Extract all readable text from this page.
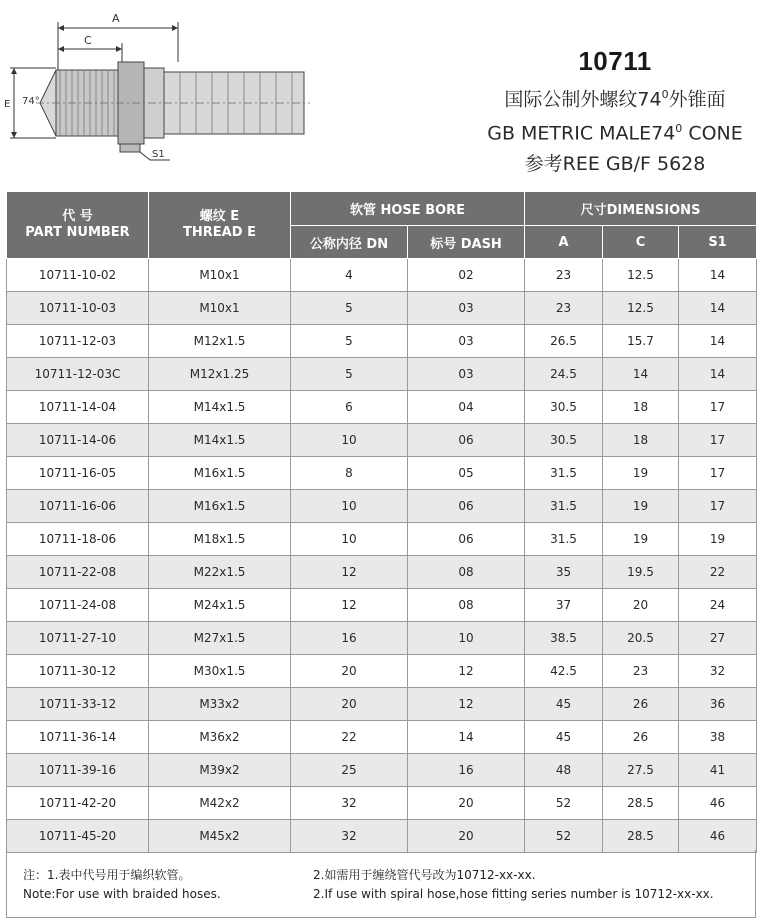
A
C
E 74°
S1
10711
国际公制外螺纹$74^0$外锥面
GB METRIC $MALE74^0$ CONE
参考REE GB/F 5628
代 号
PART NUMBER	螺纹 E
THREAD E	软管 HOSE BORE		尺寸DIMENSIONS		
		公称内径 DN	标号 DASH	A	C	S1
10711-10-02	M10x1	4	02	23	12.5	14
10711-10-03	M10x1	5	03	23	12.5	14
10711-12-03	M12x1.5	5	03	26.5	15.7	14
10711-12-03C	M12x1.25	5	03	24.5	14	14
10711-14-04	M14x1.5	6	04	30.5	18	17
10711-14-06	M14x1.5	10	06	30.5	18	17
10711-16-05	M16x1.5	8	05	31.5	19	17
10711-16-06	M16x1.5	10	06	31.5	19	17
10711-18-06	M18x1.5	10	06	31.5	19	19
10711-22-08	M22x1.5	12	08	35	19.5	22
10711-24-08	M24x1.5	12	08	37	20	24
10711-27-10	M27x1.5	16	10	38.5	20.5	27
10711-30-12	M30x1.5	20	12	42.5	23	32
10711-33-12	M33x2	20	12	45	26	36
10711-36-14	M36x2	22	14	45	26	38
10711-39-16	M39x2	25	16	48	27.5	41
10711-42-20	M42x2	32	20	52	28.5	46
10711-45-20	M45x2	32	20	52	28.5	46
注：1.表中代号用于编织软管。
Note:For use with braided hoses.
2.如需用于缠绕管代号改为10712-xx-xx.
2.If use with spiral hose,hose fitting series number is 10712-xx-xx.
